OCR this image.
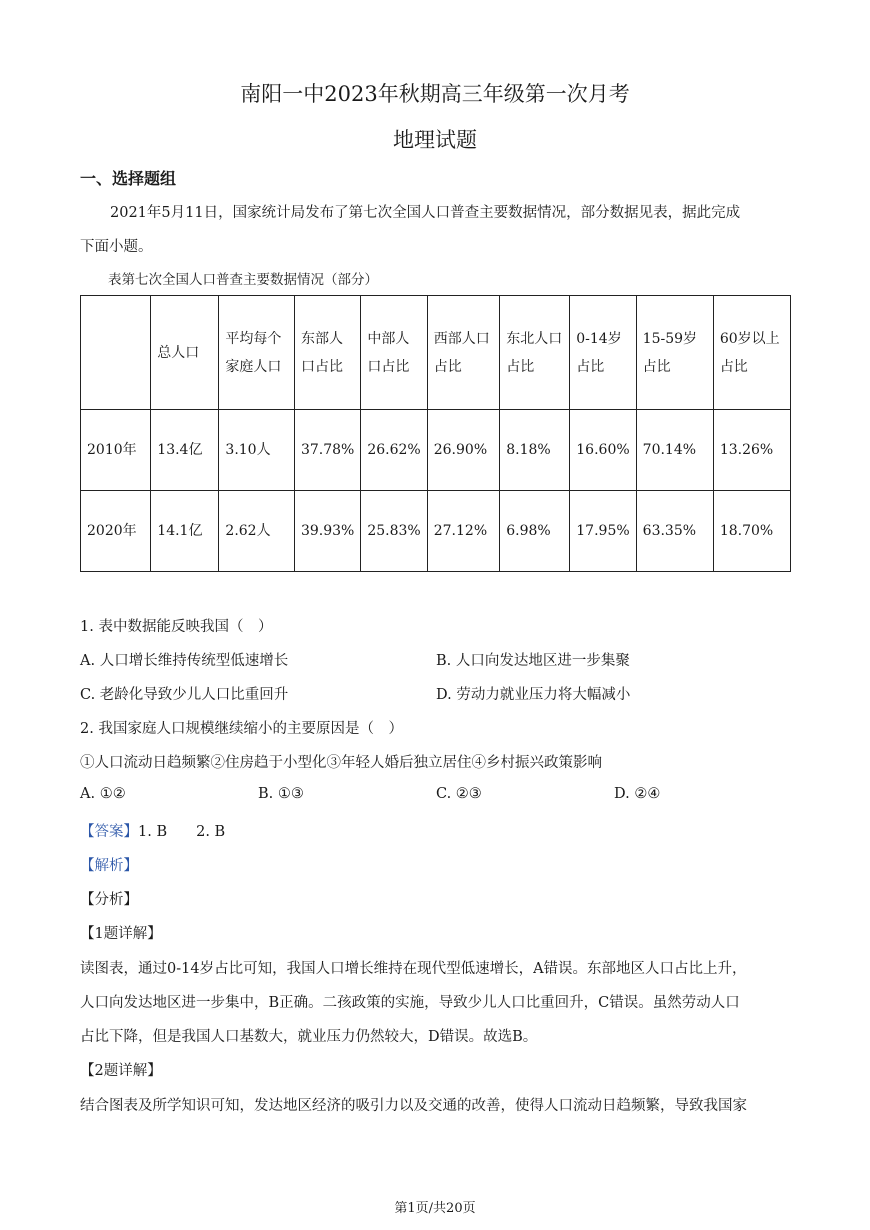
南阳一中2023年秋期高三年级第一次月考
地理试题
一、选择题组
2021年5月11日，国家统计局发布了第七次全国人口普查主要数据情况，部分数据见表，据此完成
下面小题。
表第七次全国人口普查主要数据情况（部分）
	总人口	平均每个家庭人口	东部人口占比	中部人口占比	西部人口占比	东北人口占比	0-14岁占比	15-59岁占比	60岁以上占比
2010年	13.4亿	3.10人	37.78%	26.62%	26.90%	8.18%	16.60%	70.14%	13.26%
2020年	14.1亿	2.62人	39.93%	25.83%	27.12%	6.98%	17.95%	63.35%	18.70%
1. 表中数据能反映我国（　）
A. 人口增长维持传统型低速增长	B. 人口向发达地区进一步集聚
C. 老龄化导致少儿人口比重回升	D. 劳动力就业压力将大幅减小
2. 我国家庭人口规模继续缩小的主要原因是（　）
①人口流动日趋频繁②住房趋于小型化③年轻人婚后独立居住④乡村振兴政策影响
A. ①②	B. ①③	C. ②③	D. ②④
【答案】1. B　　2. B
【解析】
【分析】
【1题详解】
读图表，通过0-14岁占比可知，我国人口增长维持在现代型低速增长，A错误。东部地区人口占比上升，
人口向发达地区进一步集中，B正确。二孩政策的实施，导致少儿人口比重回升，C错误。虽然劳动人口
占比下降，但是我国人口基数大，就业压力仍然较大，D错误。故选B。
【2题详解】
结合图表及所学知识可知，发达地区经济的吸引力以及交通的改善，使得人口流动日趋频繁，导致我国家
第1页/共20页
